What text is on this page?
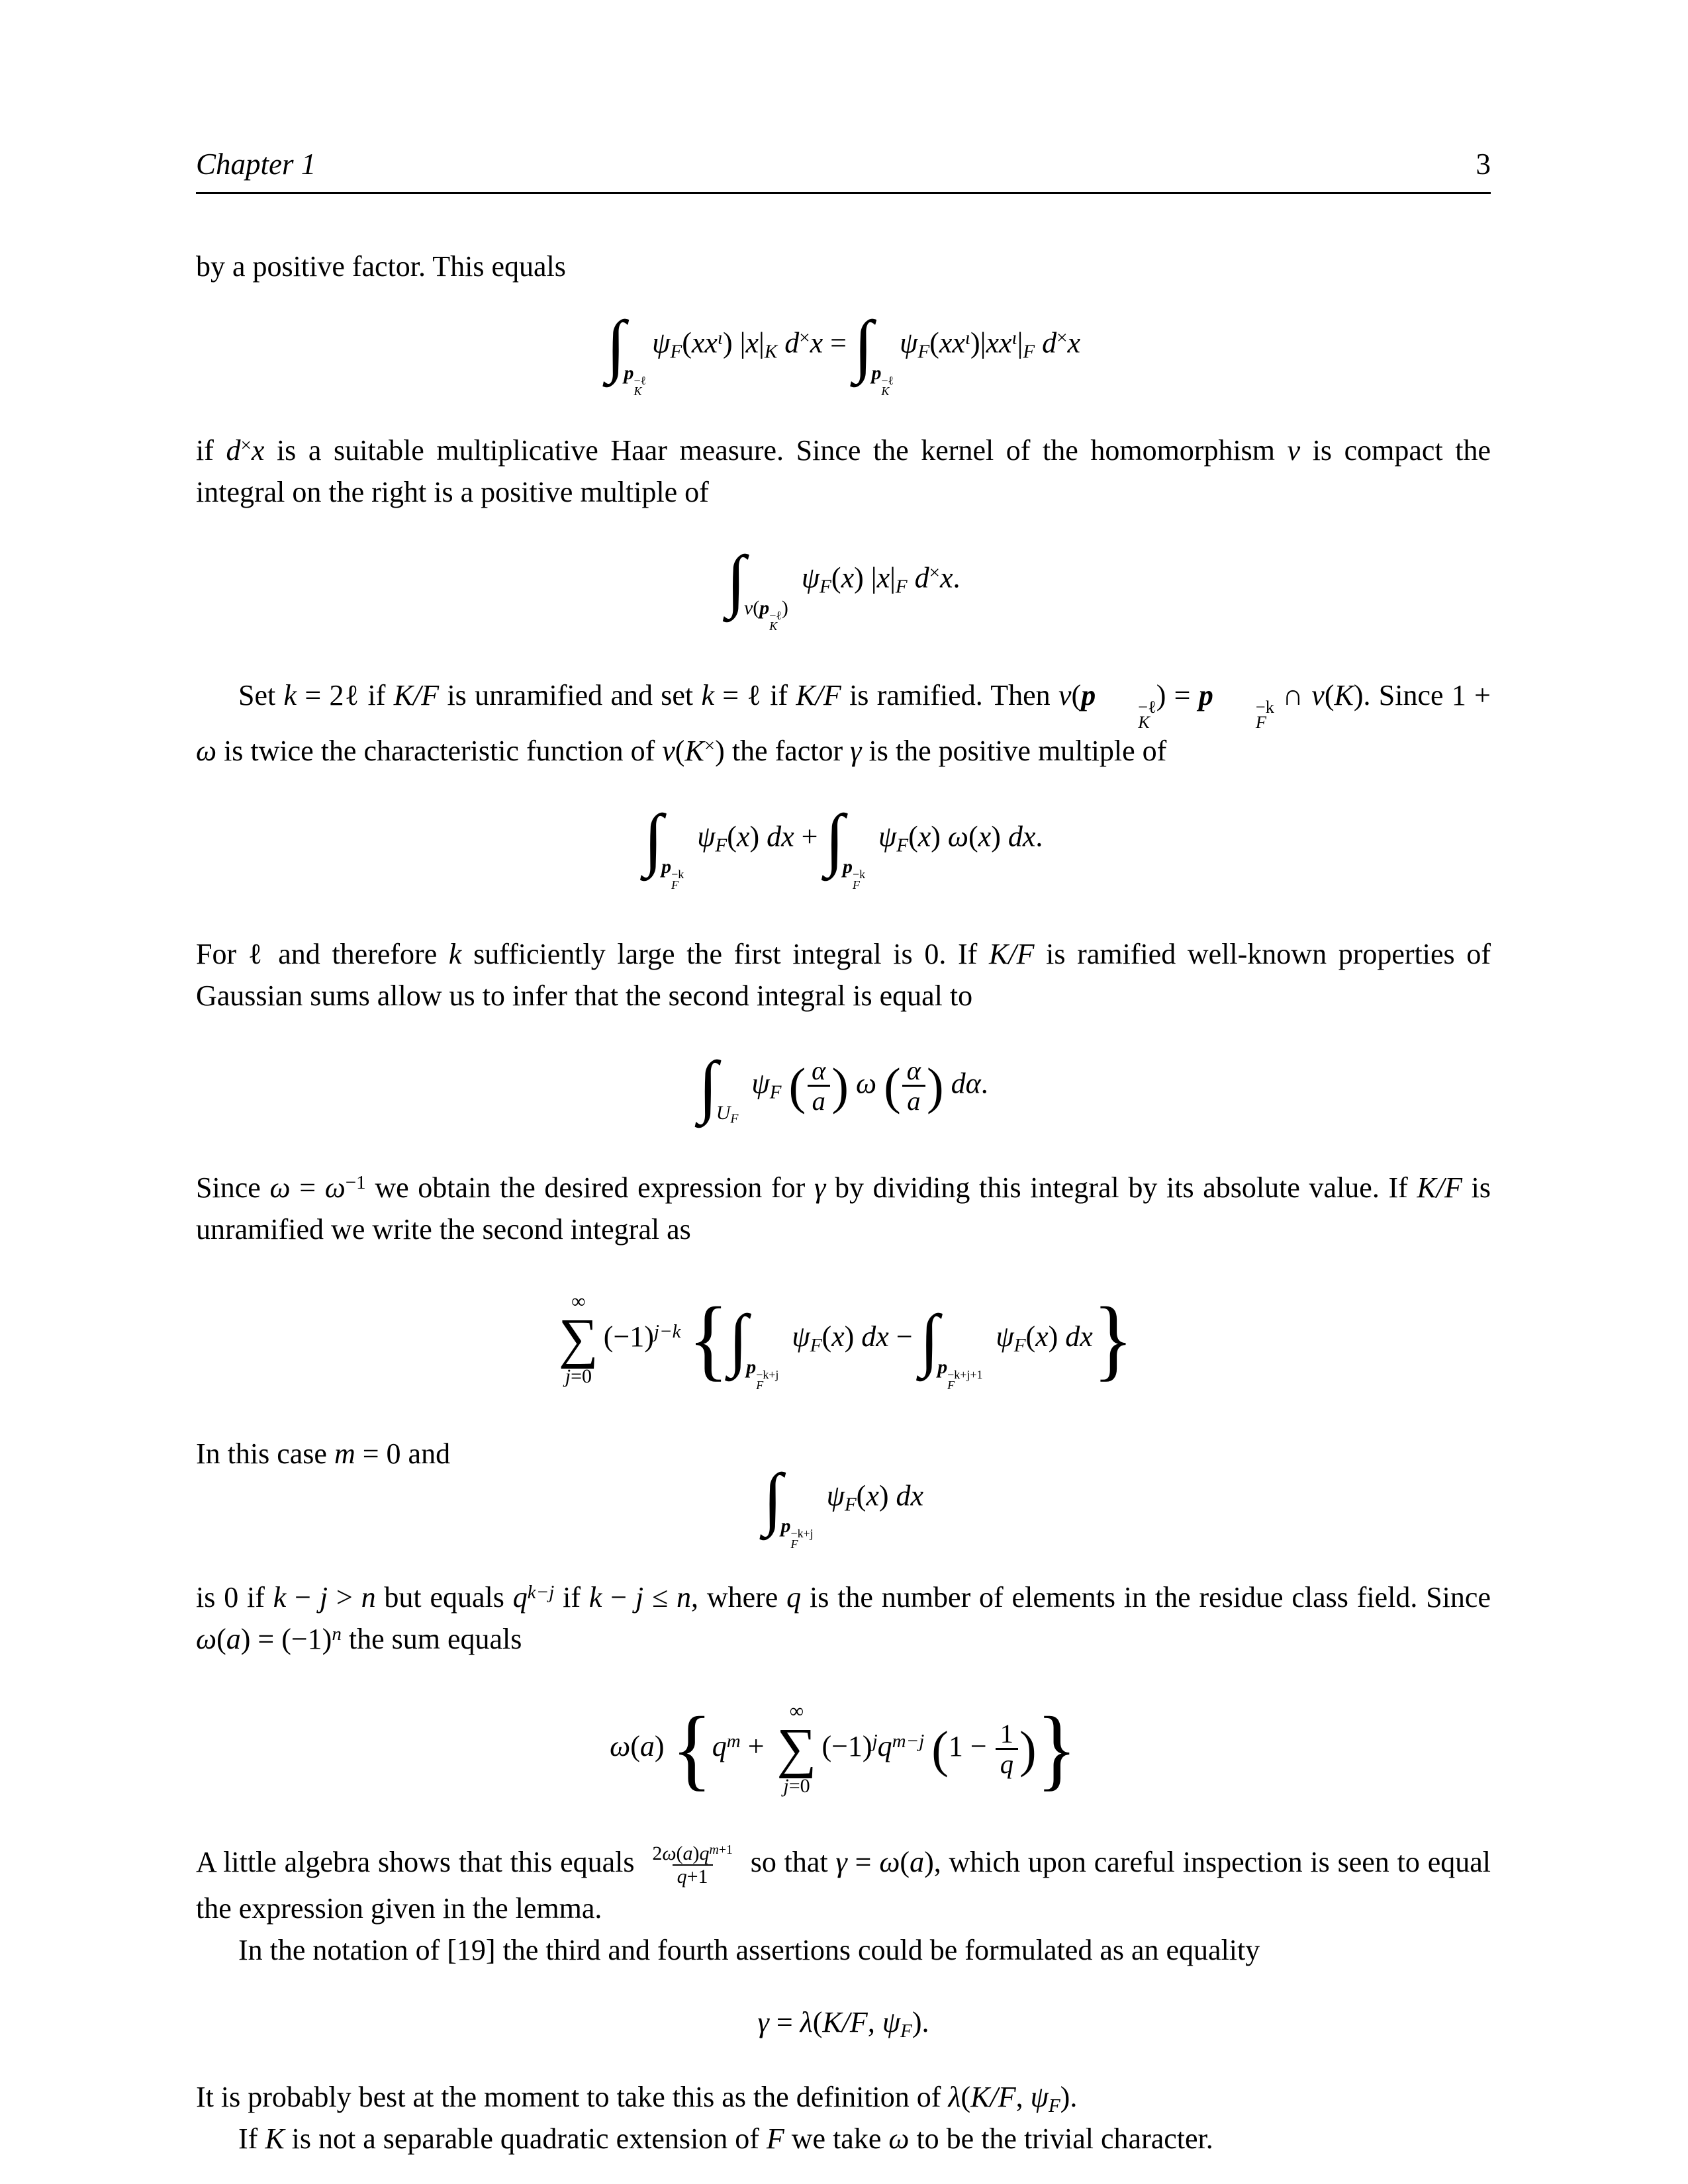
Chapter 1	3

by a positive factor. This equals

∫p −ℓ
K
$\psi_F(xx^\iota)$ $|x|_K$ d×x = ∫p −ℓ
K
$\psi_F(xx^\iota)|xx^\iota|_F$ d×x

if d×x is a suitable multiplicative Haar measure. Since the kernel of the homomorphism ν is compact the integral on the right is a positive multiple of

∫ν(p −ℓ
K
) $\psi_F(x)$ $|x|_F$ d×x.

Set k = 2ℓ if K/F is unramified and set k = ℓ if K/F is ramified. Then ν(p	−ℓ
K
) = p	−k
F
∩ ν(K). Since 1 + ω is twice the characteristic function of ν(K×) the factor γ is the positive multiple of

∫p −k
F
$\psi_F(x)$ dx + ∫p −k
F
$\psi_F(x)$ ω(x) dx.

For ℓ and therefore k sufficiently large the first integral is 0. If K/F is ramified well-known properties of Gaussian sums allow us to infer that the second integral is equal to

$\int U_F$ $\psi_F$ ( $\frac{\alpha}{a}$ ) ω ( $\frac{\alpha}{a}$ ) dα.

Since $\omega = \omega^{-1}$ we obtain the desired expression for γ by dividing this integral by its absolute value. If K/F is unramified we write the second integral as

∞
∑
j=0
$(-1)^{j-k}$ {∫p −k+j
F
$\psi_F(x)$ dx − ∫p −k+j+1
F
$\psi_F(x)$ dx}

In this case m = 0 and

∫p −k+j
F
$\psi_F(x)$ dx

is 0 if k − j > n but equals $q^{k-j}$ if k − j ≤ n, where q is the number of elements in the residue class field. Since $\omega(a) = (-1)^n$ the sum equals

ω(a) {$q^m$ +
∞
∑
j=0
$(-1)^jq^{m-j}$ ($1 - \frac{1}{q}$ )}

A little algebra shows that this equals $\frac{2\omega(a)q^{m+1}}{q+1}$ so that γ = ω(a), which upon careful inspection is seen to equal the expression given in the lemma.

In the notation of [19] the third and fourth assertions could be formulated as an equality

γ = λ(K/F, $\psi_F$).

It is probably best at the moment to take this as the definition of λ(K/F, $\psi_F$).

If K is not a separable quadratic extension of F we take ω to be the trivial character.
